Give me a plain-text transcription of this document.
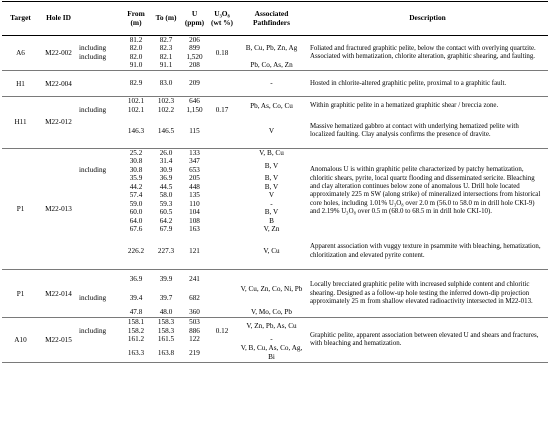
Target	Hole ID		From (m)	To (m)	U (ppm)	U₃O₈ (wt %)	Associated Pathfinders	Description
A6	M22-002		81.2	82.7	206		B, Cu, Pb, Zn, Ag	Foliated and fractured graphitic pelite, below the contact with overlying quartzite. Associated with hematization, chlorite alteration, graphitic shearing, and faulting.
		including	82.0	82.3	899	0.18		
		including	82.0	82.1	1,520			
			91.0	91.1	208		Pb, Co, As, Zn	

H1	M22-004		82.9	83.0	209		-	Hosted in chlorite-altered graphitic pelite, proximal to a graphitic fault.
H11	M22-012		102.1	102.3	646		Pb, As, Co, Cu	Within graphitic pelite in a hematized graphitic shear / breccia zone.
		including	102.1	102.2	1,150	0.17		
			146.3	146.5	115		V	Massive hematized gabbro at contact with underlying hematized pelite with localized faulting. Clay analysis confirms the presence of dravite.
P1	M22-013		25.2	26.0	133		V, B, Cu	Anomalous U is within graphitic pelite characterized by patchy hematization, chloritic shears, pyrite, local quartz flooding and disseminated sericite. Bleaching and clay alteration continues below zone of anomalous U. Drill hole located approximately 225 m SW (along strike) of mineralized intersections from historical core holes, including 1.01% U₃O₈ over 2.0 m (56.0 to 58.0 m in drill hole CKI-9) and 2.19% U₃O₈ over 0.5 m (68.0 to 68.5 m in drill hole CKI-10).
			30.8	31.4	347		B, V	
		including	30.8	30.9	653			
			35.9	36.9	205		B, V	
			44.2	44.5	448		B, V	
			57.4	58.0	135		V	
			59.0	59.3	110		-	
			60.0	60.5	104		B, V	
			64.0	64.2	108		B	
			67.6	67.9	163		V, Zn	
			226.2	227.3	121		V, Cu	Apparent association with vuggy texture in psammite with bleaching, hematization, chloritization and elevated pyrite content.
P1	M22-014		36.9	39.9	241		V, Cu, Zn, Co, Ni, Pb	Locally brecciated graphitic pelite with increased sulphide content and chloritic shearing. Designed as a follow-up hole testing the inferred down-dip projection approximately 25 m from shallow elevated radioactivity intersected in M22-013.
		including	39.4	39.7	682			
			47.8	48.0	360		V, Mo, Co, Pb	
A10	M22-015		158.1	158.3	503		V, Zn, Pb, As, Cu	Graphitic pelite, apparent association between elevated U and shears and fractures, with bleaching and hematization.
		including	158.2	158.3	886	0.12		
			161.2	161.5	122		-	
			163.3	163.8	219		V, B, Cu, As, Co, Ag, Bi	
